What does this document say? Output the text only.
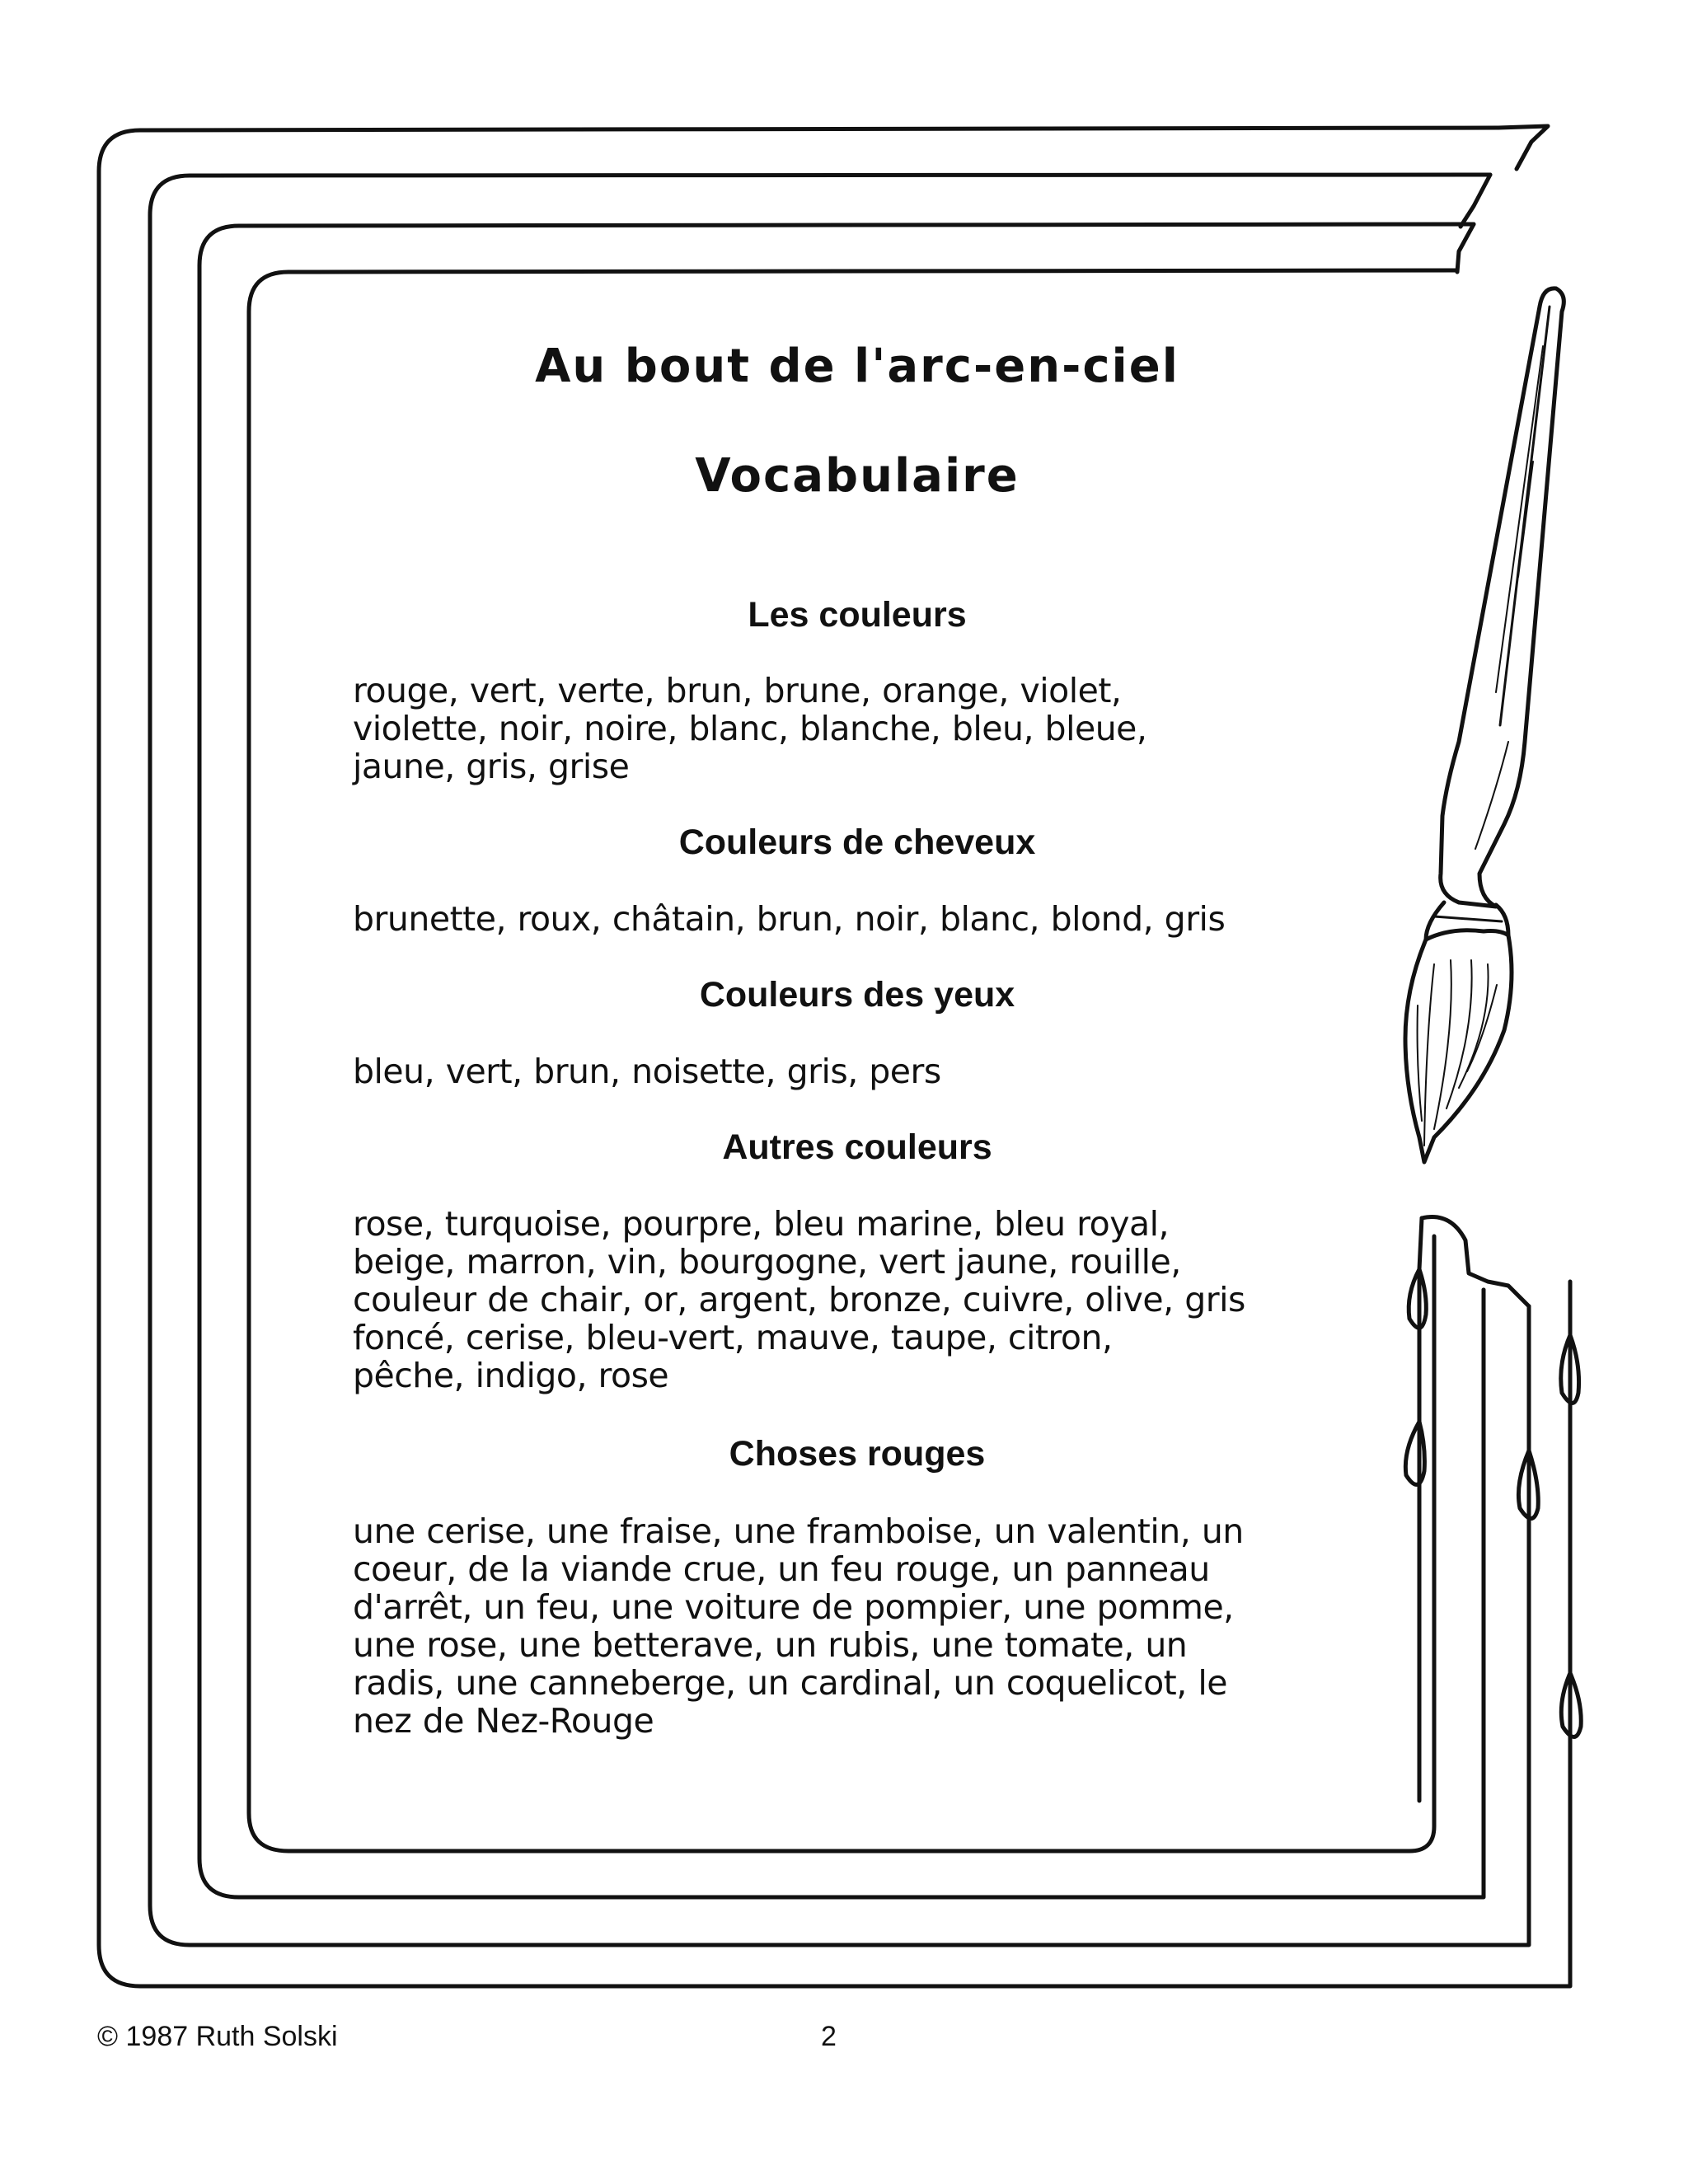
Au bout de l'arc-en-ciel
Vocabulaire
Les couleurs
rouge, vert, verte, brun, brune, orange, violet,
violette, noir, noire, blanc, blanche, bleu, bleue,
jaune, gris, grise
Couleurs de cheveux
brunette, roux, châtain, brun, noir, blanc, blond, gris
Couleurs des yeux
bleu, vert, brun, noisette, gris, pers
Autres couleurs
rose, turquoise, pourpre, bleu marine, bleu royal,
beige, marron, vin, bourgogne, vert jaune, rouille,
couleur de chair, or, argent, bronze, cuivre, olive, gris
foncé, cerise, bleu-vert, mauve, taupe, citron,
pêche, indigo, rose
Choses rouges
une cerise, une fraise, une framboise, un valentin, un
coeur, de la viande crue, un feu rouge, un panneau
d'arrêt, un feu, une voiture de pompier, une pomme,
une rose, une betterave, un rubis, une tomate, un
radis, une canneberge, un cardinal, un coquelicot, le
nez de Nez-Rouge
© 1987 Ruth Solski	2
